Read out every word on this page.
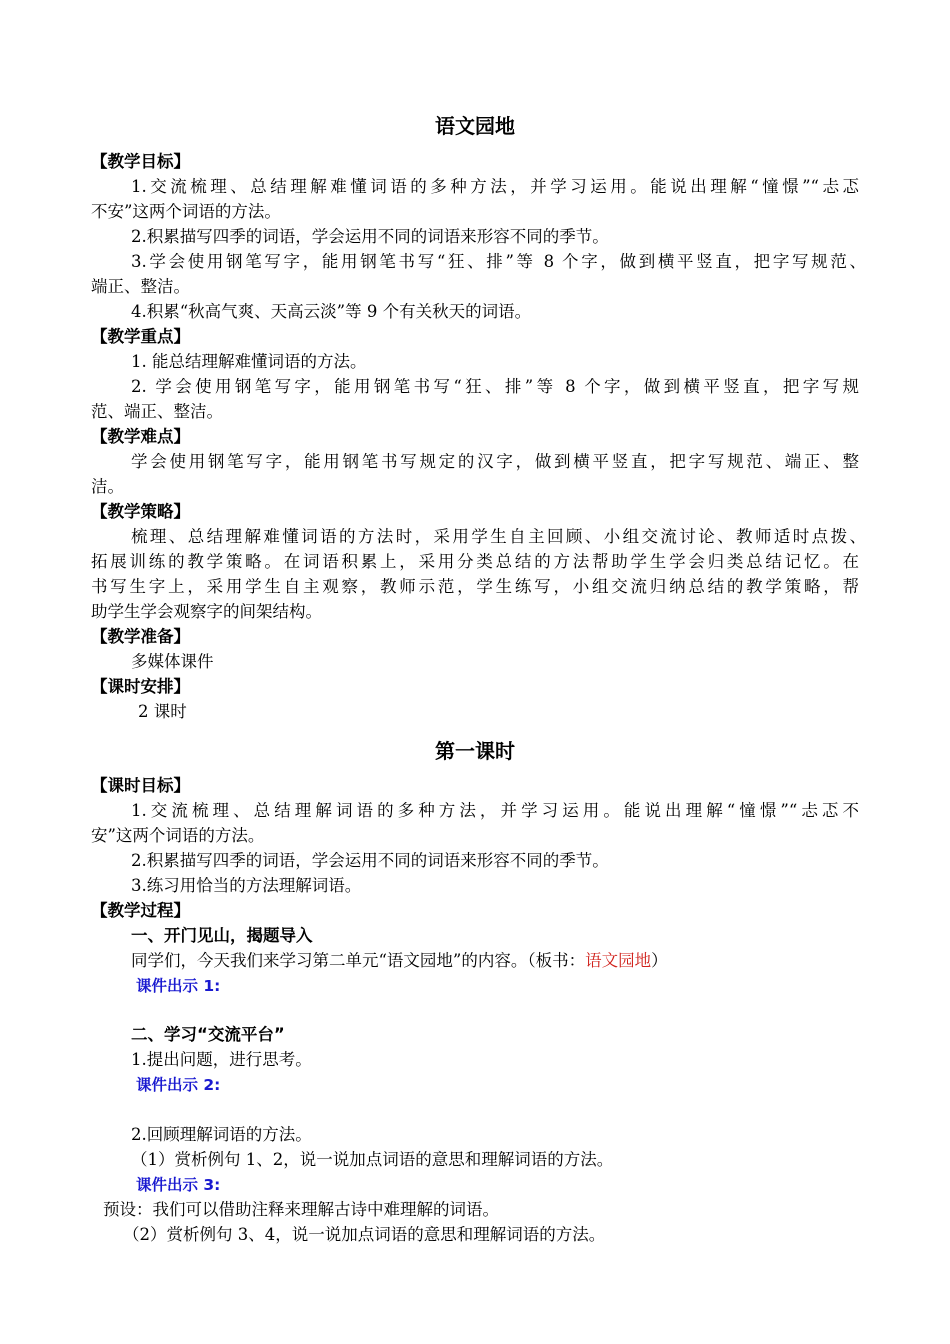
语文园地
【教学目标】
1.交流梳理、总结理解难懂词语的多种方法，并学习运用。能说出理解“憧憬”“忐忑
不安”这两个词语的方法。
2.积累描写四季的词语，学会运用不同的词语来形容不同的季节。
3.学会使用钢笔写字，能用钢笔书写“狂、排”等 8 个字，做到横平竖直，把字写规范、
端正、整洁。
4.积累“秋高气爽、天高云淡”等 9 个有关秋天的词语。
【教学重点】
1. 能总结理解难懂词语的方法。
2. 学会使用钢笔写字，能用钢笔书写“狂、排”等 8 个字，做到横平竖直，把字写规
范、端正、整洁。
【教学难点】
学会使用钢笔写字，能用钢笔书写规定的汉字，做到横平竖直，把字写规范、端正、整
洁。
【教学策略】
梳理、总结理解难懂词语的方法时，采用学生自主回顾、小组交流讨论、教师适时点拨、
拓展训练的教学策略。在词语积累上，采用分类总结的方法帮助学生学会归类总结记忆。在
书写生字上，采用学生自主观察，教师示范，学生练写，小组交流归纳总结的教学策略，帮
助学生学会观察字的间架结构。
【教学准备】
多媒体课件
【课时安排】
2 课时
第一课时
【课时目标】
1.交流梳理、总结理解词语的多种方法，并学习运用。能说出理解“憧憬”“忐忑不
安”这两个词语的方法。
2.积累描写四季的词语，学会运用不同的词语来形容不同的季节。
3.练习用恰当的方法理解词语。
【教学过程】
一、开门见山，揭题导入
同学们，今天我们来学习第二单元“语文园地”的内容。（板书：语文园地）
课件出示 1:
二、学习“交流平台”
1.提出问题，进行思考。
课件出示 2:
2.回顾理解词语的方法。
（1）赏析例句 1、2，说一说加点词语的意思和理解词语的方法。
课件出示 3:
预设：我们可以借助注释来理解古诗中难理解的词语。
（2）赏析例句 3、4，说一说加点词语的意思和理解词语的方法。
